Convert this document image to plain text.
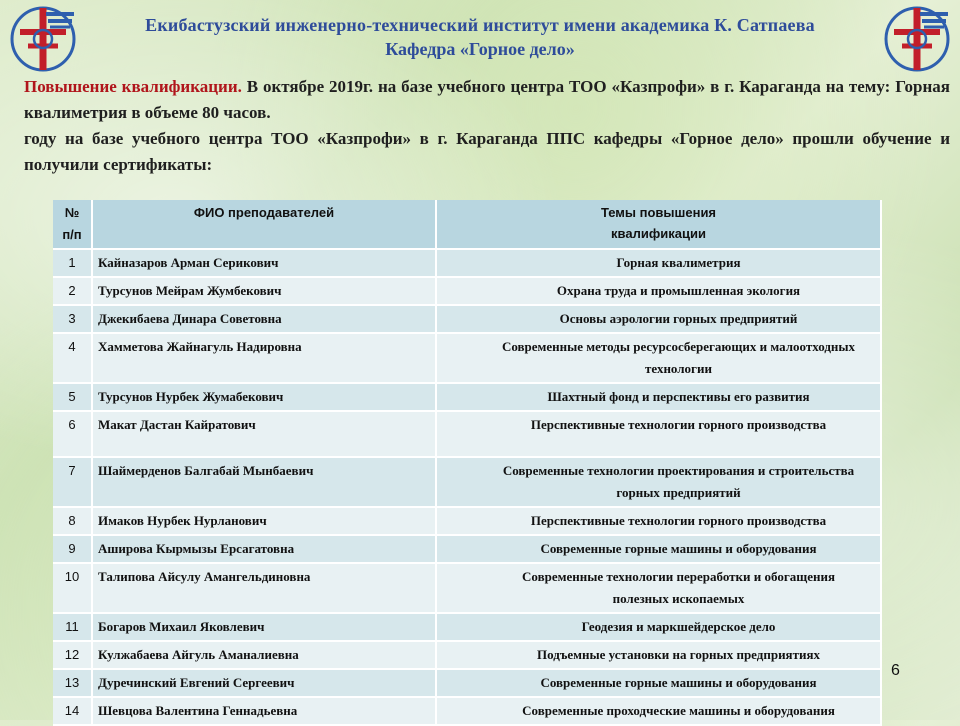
Екибастузский инженерно-технический институт имени академика К. Сатпаева
Кафедра «Горное дело»

Повышение квалификации. В октябре 2019г. на базе учебного центра ТОО «Казпрофи» в г. Караганда на тему: Горная квалиметрия в объеме 80 часов.

году на базе учебного центра ТОО «Казпрофи» в г. Караганда ППС кафедры «Горное дело» прошли обучение и получили сертификаты:

№ п/п	ФИО преподавателей	Темы повышения квалификации
1	Кайназаров Арман Серикович	Горная квалиметрия
2	Турсунов Мейрам Жумбекович	Охрана труда и промышленная экология
3	Джекибаева Динара Советовна	Основы аэрологии горных предприятий
4	Хамметова Жайнагуль Надировна	Современные методы ресурсосберегающих и малоотходных технологии
5	Турсунов Нурбек Жумабекович	Шахтный фонд и перспективы его развития
6	Макат Дастан Кайратович	Перспективные технологии горного производства
7	Шаймерденов Балгабай Мынбаевич	Современные технологии проектирования и строительства горных предприятий
8	Имаков Нурбек Нурланович	Перспективные технологии горного производства
9	Аширова Кырмызы Ерсагатовна	Современные горные машины и оборудования
10	Талипова Айсулу Амангельдиновна	Современные технологии переработки и обогащения полезных ископаемых
11	Богаров Михаил Яковлевич	Геодезия и маркшейдерское дело
12	Кулжабаева Айгуль Аманалиевна	Подъемные установки на горных предприятиях
13	Дуречинский Евгений Сергеевич	Современные горные машины и оборудования
14	Шевцова Валентина Геннадьевна	Современные проходческие машины и оборудования
6
